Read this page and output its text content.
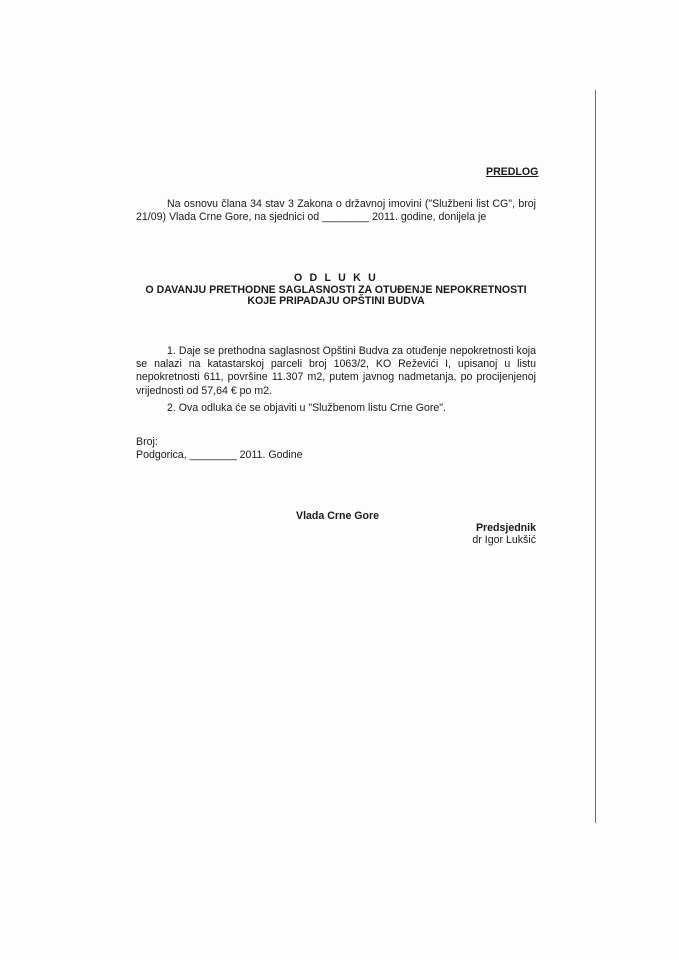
PREDLOG
Na osnovu člana 34 stav 3 Zakona o državnoj imovini ("Službeni list CG", broj 21/09) Vlada Crne Gore, na sjednici od ________ 2011. godine, donijela je
O D L U K U
O DAVANJU PRETHODNE SAGLASNOSTI ZA OTUĐENJE NEPOKRETNOSTI
KOJE PRIPADAJU OPŠTINI BUDVA
1. Daje se prethodna saglasnost Opštini Budva za otuđenje nepokretnosti koja se nalazi na katastarskoj parceli broj 1063/2, KO Reževići I, upisanoj u listu nepokretnosti 611, površine 11.307 m2, putem javnog nadmetanja, po procijenjenoj vrijednosti od 57,64 € po m2.
2. Ova odluka će se objaviti u "Službenom listu Crne Gore".
Broj:
Podgorica, ________ 2011. Godine
Vlada Crne Gore
Predsjednik
dr Igor Lukšić
